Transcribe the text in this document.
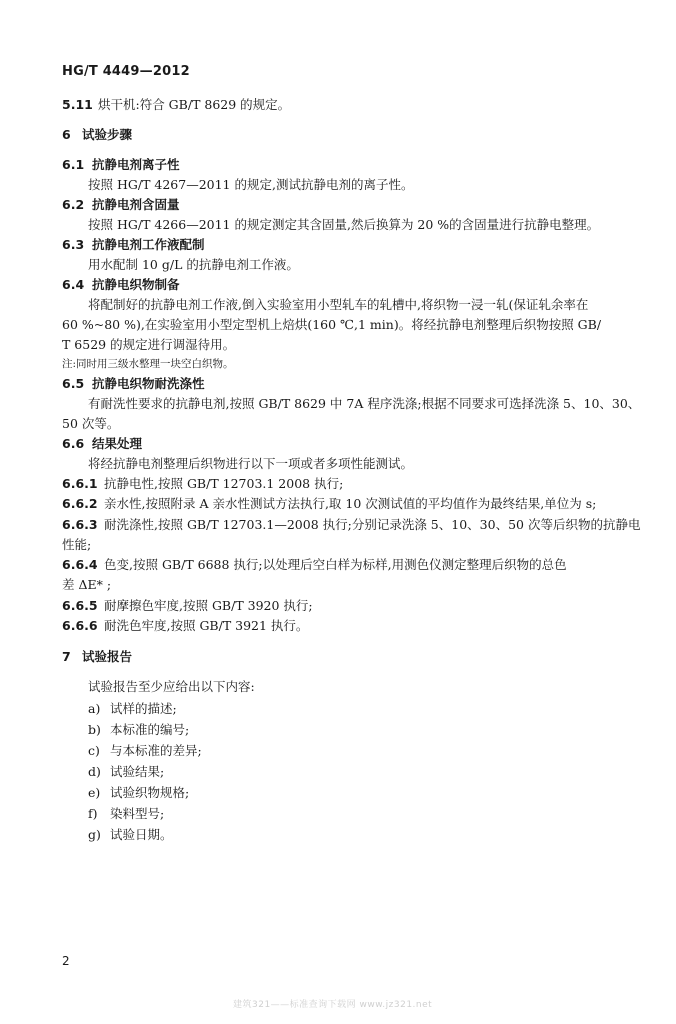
HG/T 4449—2012
5.11 烘干机:符合 GB/T 8629 的规定。
6 试验步骤
6.1 抗静电剂离子性
按照 HG/T 4267—2011 的规定,测试抗静电剂的离子性。
6.2 抗静电剂含固量
按照 HG/T 4266—2011 的规定测定其含固量,然后换算为 20 %的含固量进行抗静电整理。
6.3 抗静电剂工作液配制
用水配制 10 g/L 的抗静电剂工作液。
6.4 抗静电织物制备
将配制好的抗静电剂工作液,倒入实验室用小型轧车的轧槽中,将织物一浸一轧(保证轧余率在
60 %~80 %),在实验室用小型定型机上焙烘(160 ℃,1 min)。将经抗静电剂整理后织物按照 GB/
T 6529 的规定进行调湿待用。
注:同时用三级水整理一块空白织物。
6.5 抗静电织物耐洗涤性
有耐洗性要求的抗静电剂,按照 GB/T 8629 中 7A 程序洗涤;根据不同要求可选择洗涤 5、10、30、
50 次等。
6.6 结果处理
将经抗静电剂整理后织物进行以下一项或者多项性能测试。
6.6.1 抗静电性,按照 GB/T 12703.1 2008 执行;
6.6.2 亲水性,按照附录 A 亲水性测试方法执行,取 10 次测试值的平均值作为最终结果,单位为 s;
6.6.3 耐洗涤性,按照 GB/T 12703.1—2008 执行;分别记录洗涤 5、10、30、50 次等后织物的抗静电
性能;
6.6.4 色变,按照 GB/T 6688 执行;以处理后空白样为标样,用测色仪测定整理后织物的总色
差 ΔE* ;
6.6.5 耐摩擦色牢度,按照 GB/T 3920 执行;
6.6.6 耐洗色牢度,按照 GB/T 3921 执行。
7 试验报告
试验报告至少应给出以下内容:
a) 试样的描述;
b) 本标准的编号;
c) 与本标准的差异;
d) 试验结果;
e) 试验织物规格;
f) 染料型号;
g) 试验日期。
2
建筑321——标准查询下载网 www.jz321.net
